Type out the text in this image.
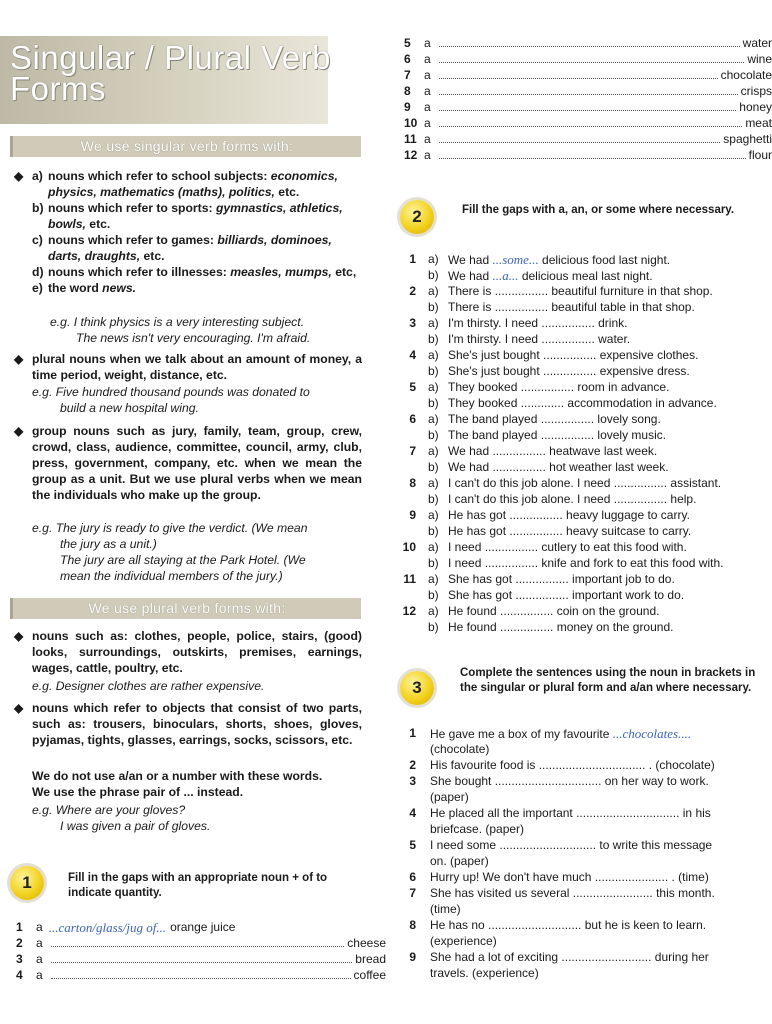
Singular / Plural Verb
Forms
We use singular verb forms with:
◆ a) nouns which refer to school subjects: economics, physics, mathematics (maths), politics, etc.
b) nouns which refer to sports: gymnastics, athletics, bowls, etc.
c) nouns which refer to games: billiards, dominoes, darts, draughts, etc.
d) nouns which refer to illnesses: measles, mumps, etc,
e) the word news.
e.g. I think physics is a very interesting subject.
The news isn't very encouraging. I'm afraid.
◆ plural nouns when we talk about an amount of money, a time period, weight, distance, etc.
e.g. Five hundred thousand pounds was donated to
build a new hospital wing.
◆ group nouns such as jury, family, team, group, crew, crowd, class, audience, committee, council, army, club, press, government, company, etc. when we mean the group as a unit. But we use plural verbs when we mean the individuals who make up the group.
e.g. The jury is ready to give the verdict. (We mean
the jury as a unit.)
The jury are all staying at the Park Hotel. (We
mean the individual members of the jury.)
We use plural verb forms with:
◆ nouns such as: clothes, people, police, stairs, (good) looks, surroundings, outskirts, premises, earnings, wages, cattle, poultry, etc.
e.g. Designer clothes are rather expensive.
◆ nouns which refer to objects that consist of two parts, such as: trousers, binoculars, shorts, shoes, gloves, pyjamas, tights, glasses, earrings, socks, scissors, etc.
We do not use a/an or a number with these words.
We use the phrase pair of ... instead.
e.g. Where are your gloves?
I was given a pair of gloves.
1	Fill in the gaps with an appropriate noun + of to indicate quantity.
1 a ...carton/glass/jug of... orange juice
2 a	cheese
3 a	bread
4 a	coffee
5 a	water
6 a	wine
7 a	chocolate
8 a	crisps
9 a	honey
10 a	meat
11 a	spaghetti
12 a	flour
2	Fill the gaps with a, an, or some where necessary.
1 a) We had ...some... delicious food last night.
b) We had ...a... delicious meal last night.
2 a) There is ................ beautiful furniture in that shop.
b) There is ................ beautiful table in that shop.
3 a) I'm thirsty. I need ................ drink.
b) I'm thirsty. I need ................ water.
4 a) She's just bought ................ expensive clothes.
b) She's just bought ................ expensive dress.
5 a) They booked ................ room in advance.
b) They booked ............. accommodation in advance.
6 a) The band played ................ lovely song.
b) The band played ................ lovely music.
7 a) We had ................ heatwave last week.
b) We had ................ hot weather last week.
8 a) I can't do this job alone. I need ................ assistant.
b) I can't do this job alone. I need ................ help.
9 a) He has got ................ heavy luggage to carry.
b) He has got ................ heavy suitcase to carry.
10 a) I need ................ cutlery to eat this food with.
b) I need ................ knife and fork to eat this food with.
11 a) She has got ................ important job to do.
b) She has got ................ important work to do.
12 a) He found ................ coin on the ground.
b) He found ................ money on the ground.
3
Complete the sentences using the noun in brackets in the singular or plural form and a/an where necessary.
1 He gave me a box of my favourite ...chocolates....
(chocolate)
2 His favourite food is ................................ . (chocolate)
3 She bought ................................ on her way to work.
(paper)
4 He placed all the important ............................... in his
briefcase. (paper)
5 I need some ............................. to write this message
on. (paper)
6 Hurry up! We don't have much ...................... . (time)
7 She has visited us several ........................ this month.
(time)
8 He has no ............................ but he is keen to learn.
(experience)
9 She had a lot of exciting ........................... during her
travels. (experience)
